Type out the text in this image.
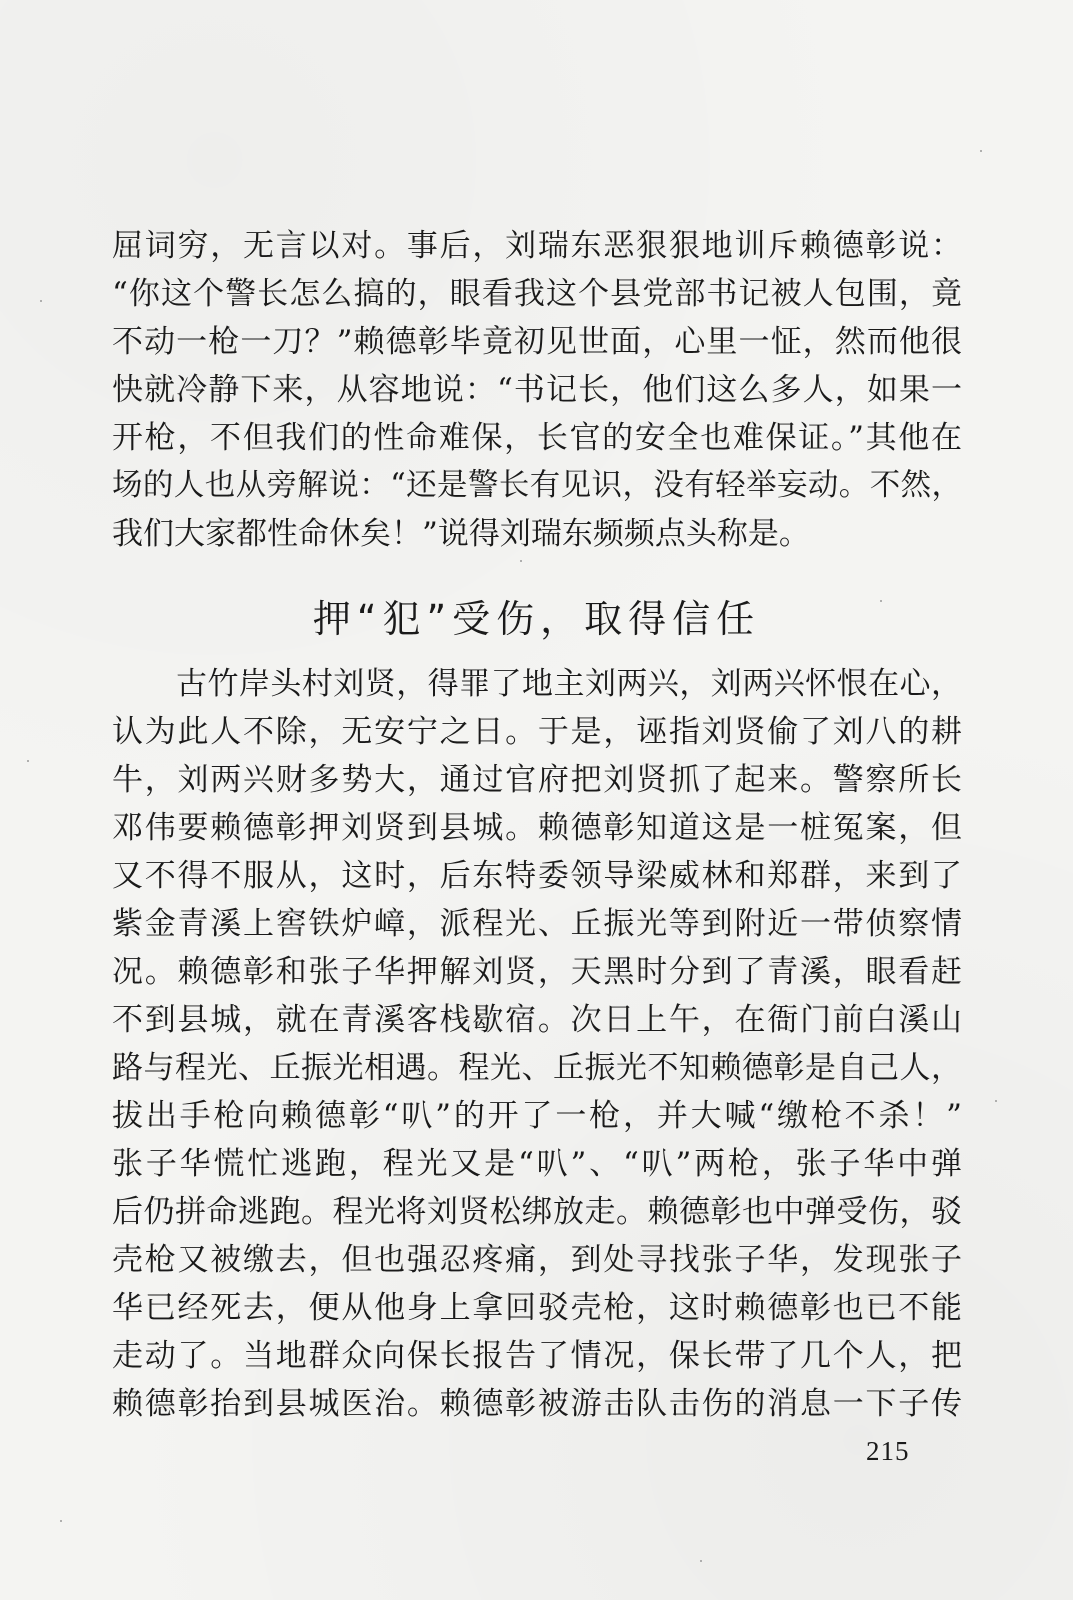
屈词穷，无言以对。事后，刘瑞东恶狠狠地训斥赖德彰说：
“你这个警长怎么搞的，眼看我这个县党部书记被人包围，竟
不动一枪一刀？”赖德彰毕竟初见世面，心里一怔，然而他很
快就冷静下来，从容地说：“书记长，他们这么多人，如果一
开枪，不但我们的性命难保，长官的安全也难保证。”其他在
场的人也从旁解说：“还是警长有见识，没有轻举妄动。不然，
我们大家都性命休矣！”说得刘瑞东频频点头称是。
押“犯”受伤，取得信任
古竹岸头村刘贤，得罪了地主刘两兴，刘两兴怀恨在心，
认为此人不除，无安宁之日。于是，诬指刘贤偷了刘八的耕
牛，刘两兴财多势大，通过官府把刘贤抓了起来。警察所长
邓伟要赖德彰押刘贤到县城。赖德彰知道这是一桩冤案，但
又不得不服从，这时，后东特委领导梁威林和郑群，来到了
紫金青溪上窖铁炉嶂，派程光、丘振光等到附近一带侦察情
况。赖德彰和张子华押解刘贤，天黑时分到了青溪，眼看赶
不到县城，就在青溪客栈歇宿。次日上午，在衙门前白溪山
路与程光、丘振光相遇。程光、丘振光不知赖德彰是自己人，
拔出手枪向赖德彰“叭”的开了一枪，并大喊“缴枪不杀！”
张子华慌忙逃跑，程光又是“叭”、“叭”两枪，张子华中弹
后仍拼命逃跑。程光将刘贤松绑放走。赖德彰也中弹受伤，驳
壳枪又被缴去，但也强忍疼痛，到处寻找张子华，发现张子
华已经死去，便从他身上拿回驳壳枪，这时赖德彰也已不能
走动了。当地群众向保长报告了情况，保长带了几个人，把
赖德彰抬到县城医治。赖德彰被游击队击伤的消息一下子传
215
